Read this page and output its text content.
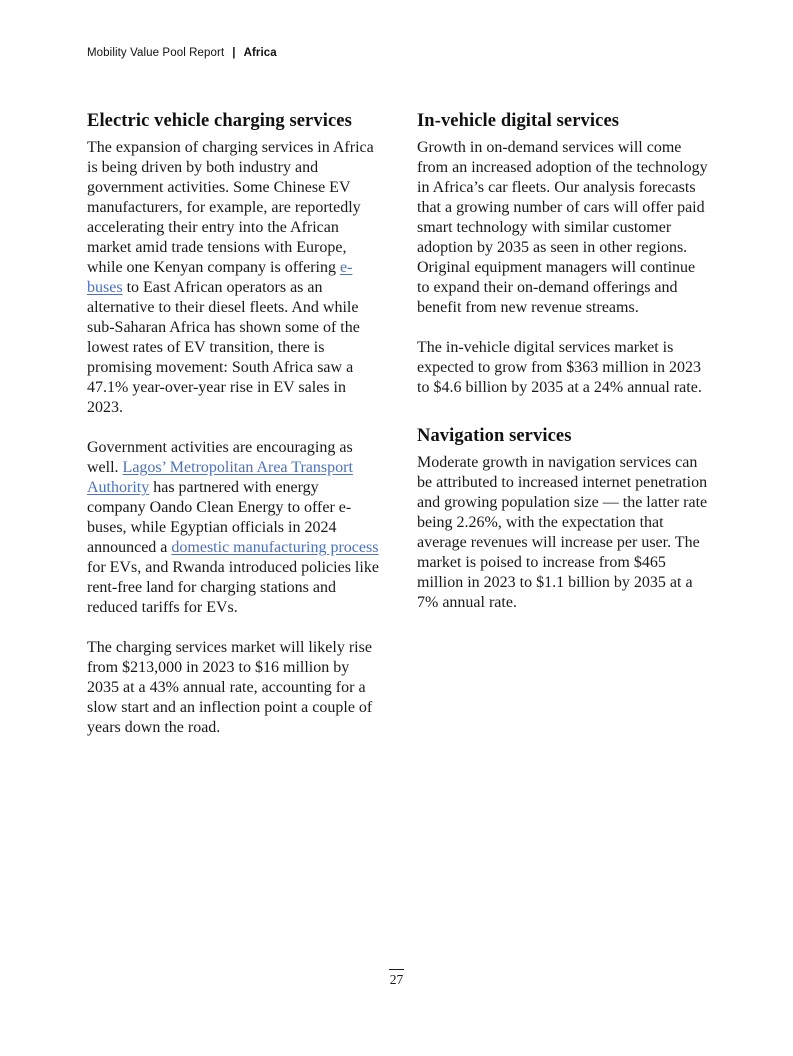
Mobility Value Pool Report | Africa
Electric vehicle charging services

The expansion of charging services in Africa is being driven by both industry and government activities. Some Chinese EV manufacturers, for example, are reportedly accelerating their entry into the African market amid trade tensions with Europe, while one Kenyan company is offering e-buses to East African operators as an alternative to their diesel fleets. And while sub-Saharan Africa has shown some of the lowest rates of EV transition, there is promising movement: South Africa saw a 47.1% year-over-year rise in EV sales in 2023.

Government activities are encouraging as well. Lagos’ Metropolitan Area Transport Authority has partnered with energy company Oando Clean Energy to offer e-buses, while Egyptian officials in 2024 announced a domestic manufacturing process for EVs, and Rwanda introduced policies like rent-free land for charging stations and reduced tariffs for EVs.

The charging services market will likely rise from $213,000 in 2023 to $16 million by 2035 at a 43% annual rate, accounting for a slow start and an inflection point a couple of years down the road.

In-vehicle digital services

Growth in on-demand services will come from an increased adoption of the technology in Africa’s car fleets. Our analysis forecasts that a growing number of cars will offer paid smart technology with similar customer adoption by 2035 as seen in other regions. Original equipment managers will continue to expand their on-demand offerings and benefit from new revenue streams.

The in-vehicle digital services market is expected to grow from $363 million in 2023 to $4.6 billion by 2035 at a 24% annual rate.

Navigation services

Moderate growth in navigation services can be attributed to increased internet penetration and growing population size — the latter rate being 2.26%, with the expectation that average revenues will increase per user. The market is poised to increase from $465 million in 2023 to $1.1 billion by 2035 at a 7% annual rate.

27
